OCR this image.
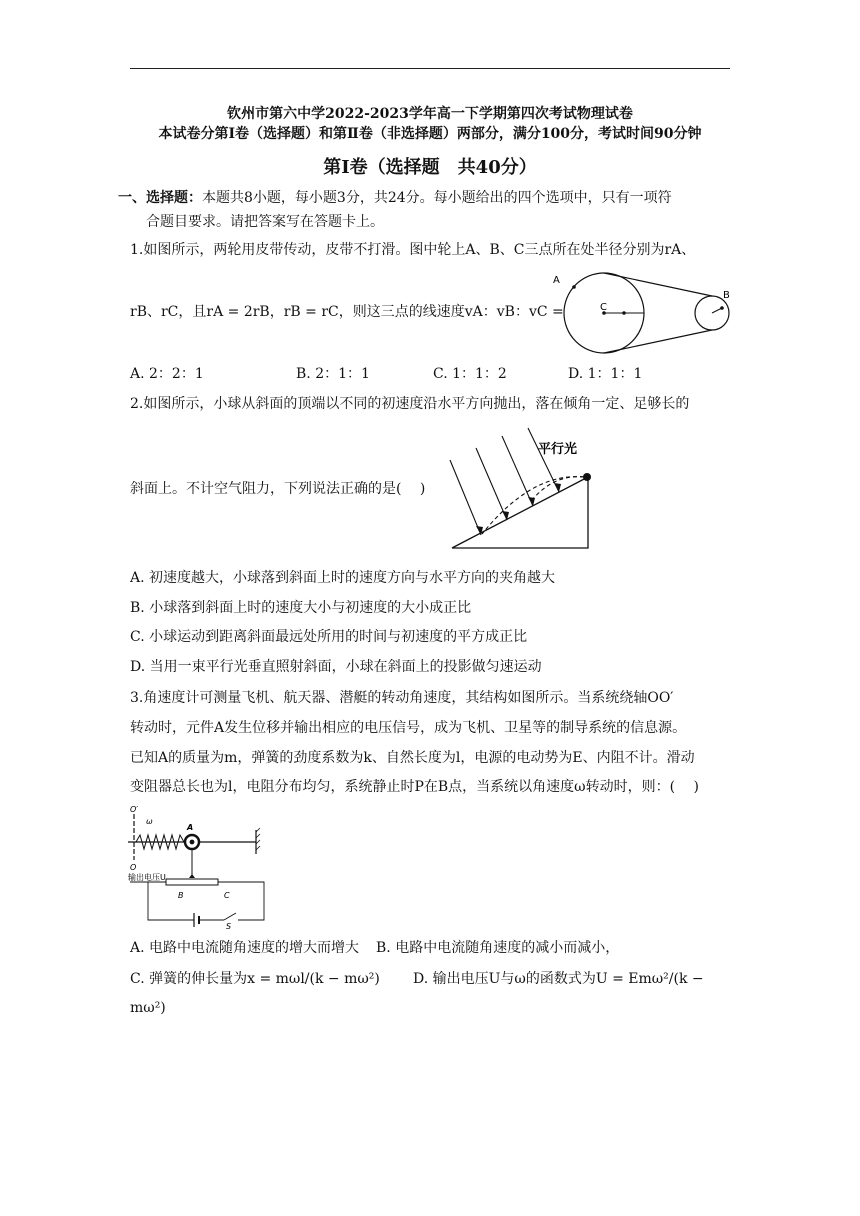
钦州市第六中学2022-2023学年高一下学期第四次考试物理试卷
本试卷分第Ⅰ卷（选择题）和第Ⅱ卷（非选择题）两部分，满分100分，考试时间90分钟
第Ⅰ卷（选择题　共40分）
一、选择题：本题共8小题，每小题3分，共24分。每小题给出的四个选项中，只有一项符
合题目要求。请把答案写在答题卡上。
1.如图所示，两轮用皮带传动，皮带不打滑。图中轮上A、B、C三点所在处半径分别为rA、
rB、rC，且rA = 2rB，rB = rC，则这三点的线速度vA：vB：vC =
A
C
B
A. 2：2：1	B. 2：1：1	C. 1：1：2	D. 1：1：1
2.如图所示，小球从斜面的顶端以不同的初速度沿水平方向抛出，落在倾角一定、足够长的
斜面上。不计空气阻力，下列说法正确的是(　 )
平行光
A. 初速度越大，小球落到斜面上时的速度方向与水平方向的夹角越大
B. 小球落到斜面上时的速度大小与初速度的大小成正比
C. 小球运动到距离斜面最远处所用的时间与初速度的平方成正比
D. 当用一束平行光垂直照射斜面，小球在斜面上的投影做匀速运动
3.角速度计可测量飞机、航天器、潜艇的转动角速度，其结构如图所示。当系统绕轴OO′
转动时，元件A发生位移并输出相应的电压信号，成为飞机、卫星等的制导系统的信息源。
已知A的质量为m，弹簧的劲度系数为k、自然长度为l，电源的电动势为E、内阻不计。滑动
变阻器总长也为l，电阻分布均匀，系统静止时P在B点，当系统以角速度ω转动时，则：(　 )
O′
ω
A
O
输出电压U
B	C
S
A. 电路中电流随角速度的增大而增大 B. 电路中电流随角速度的减小而减小，
C. 弹簧的伸长量为x = mωl/(k − mω²) D. 输出电压U与ω的函数式为U = Emω²/(k −
mω²)
